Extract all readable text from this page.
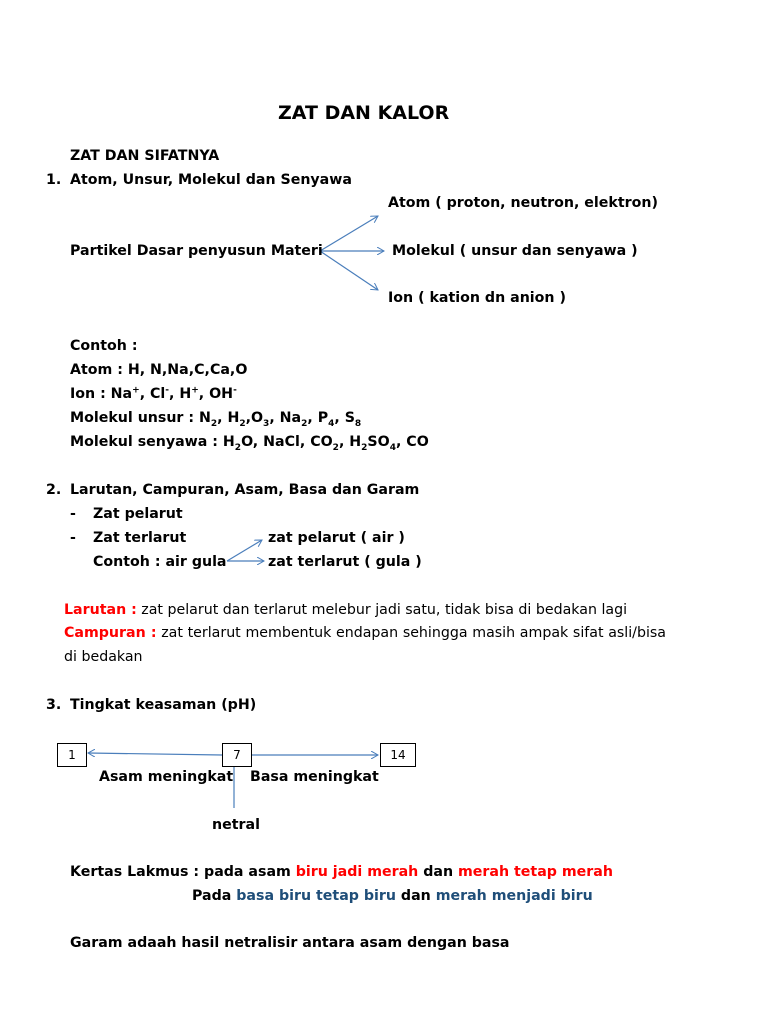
ZAT DAN KALOR
ZAT DAN SIFATNYA
1. Atom, Unsur, Molekul dan Senyawa
Atom ( proton, neutron, elektron)
Partikel Dasar penyusun Materi	Molekul ( unsur dan senyawa )
Ion ( kation dn anion )
Contoh :
Atom : H, N,Na,C,Ca,O
Ion : Na+, Cl-, H+, OH-
Molekul unsur : $N_2$, $H_2,O_3$, $Na_2$, $P_4$, $S_8$
Molekul senyawa : $H_2O$, NaCl, $CO_2$, $H_2SO_4$, CO
2. Larutan, Campuran, Asam, Basa dan Garam
- Zat pelarut
- Zat terlarut	zat pelarut ( air )
Contoh : air gula	zat terlarut ( gula )
Larutan : zat pelarut dan terlarut melebur jadi satu, tidak bisa di bedakan lagi
Campuran : zat terlarut membentuk endapan sehingga masih ampak sifat asli/bisa di bedakan
3. Tingkat keasaman (pH)
1	7	14
Asam meningkat Basa meningkat
netral
Kertas Lakmus : pada asam biru jadi merah dan merah tetap merah
Pada basa biru tetap biru dan merah menjadi biru
Garam adaah hasil netralisir antara asam dengan basa
